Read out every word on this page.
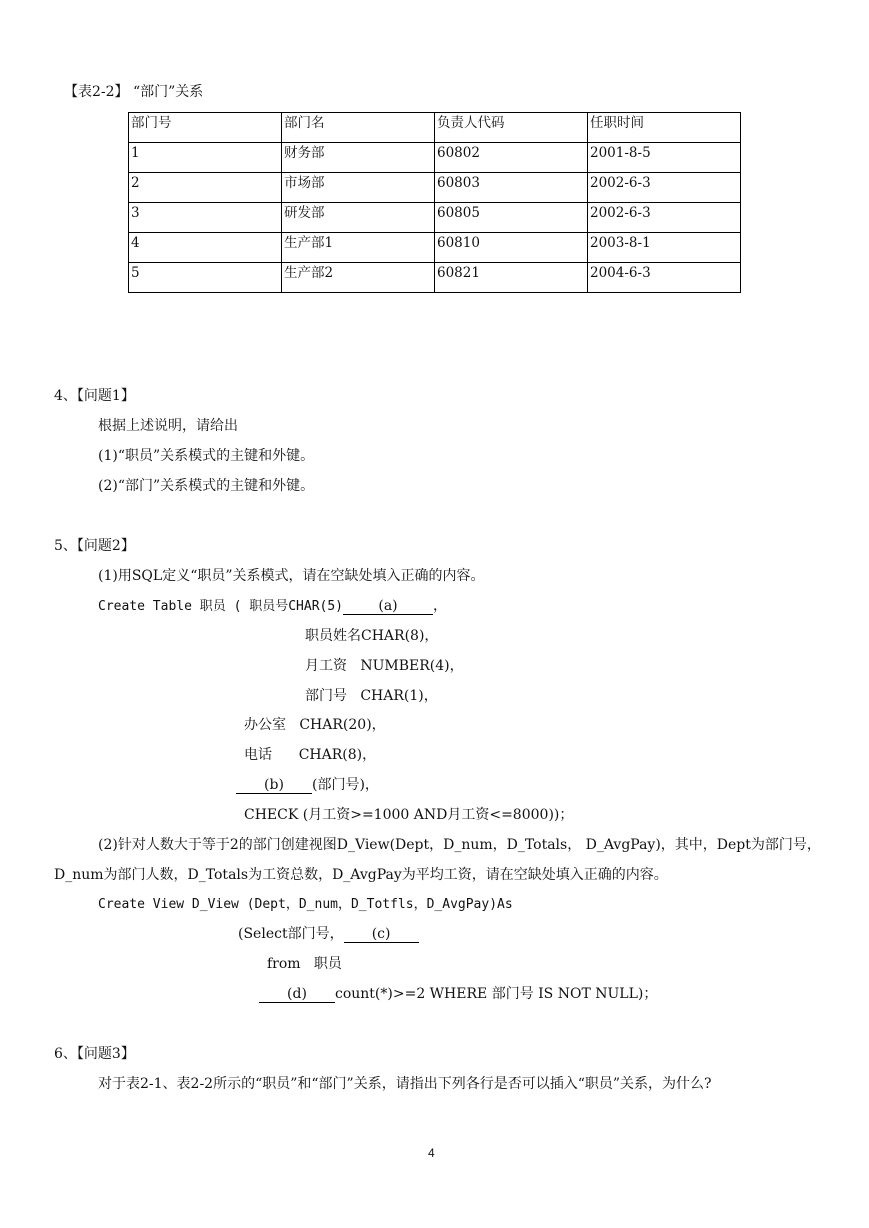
【表2-2】 “部门”关系
部门号	部门名	负责人代码	任职时间
1	财务部	60802	2001-8-5
2	市场部	60803	2002-6-3
3	研发部	60805	2002-6-3
4	生产部1	60810	2003-8-1
5	生产部2	60821	2004-6-3
4、【问题1】
根据上述说明，请给出
(1)“职员”关系模式的主键和外键。
(2)“部门”关系模式的主键和外键。
5、【问题2】
(1)用SQL定义“职员”关系模式，请在空缺处填入正确的内容。
Create Table 职员 ( 职员号CHAR(5)	(a)	，
职员姓名CHAR(8)，
月工资   NUMBER(4)，
部门号   CHAR(1)，
办公室   CHAR(20)，
电话      CHAR(8)，
(b) (部门号)，
CHECK (月工资>=1000 AND月工资<=8000))；
(2)针对人数大于等于2的部门创建视图D_View(Dept，D_num，D_Totals， D_AvgPay)，其中，Dept为部门号，
D_num为部门人数，D_Totals为工资总数，D_AvgPay为平均工资，请在空缺处填入正确的内容。
Create View D_View (Dept，D_num，D_Totfls，D_AvgPay)As
(Select部门号， (c)
from   职员
(d) count(*)>=2 WHERE 部门号 IS NOT NULL)；
6、【问题3】
对于表2-1、表2-2所示的“职员”和“部门”关系，请指出下列各行是否可以插入“职员”关系，为什么?
4
